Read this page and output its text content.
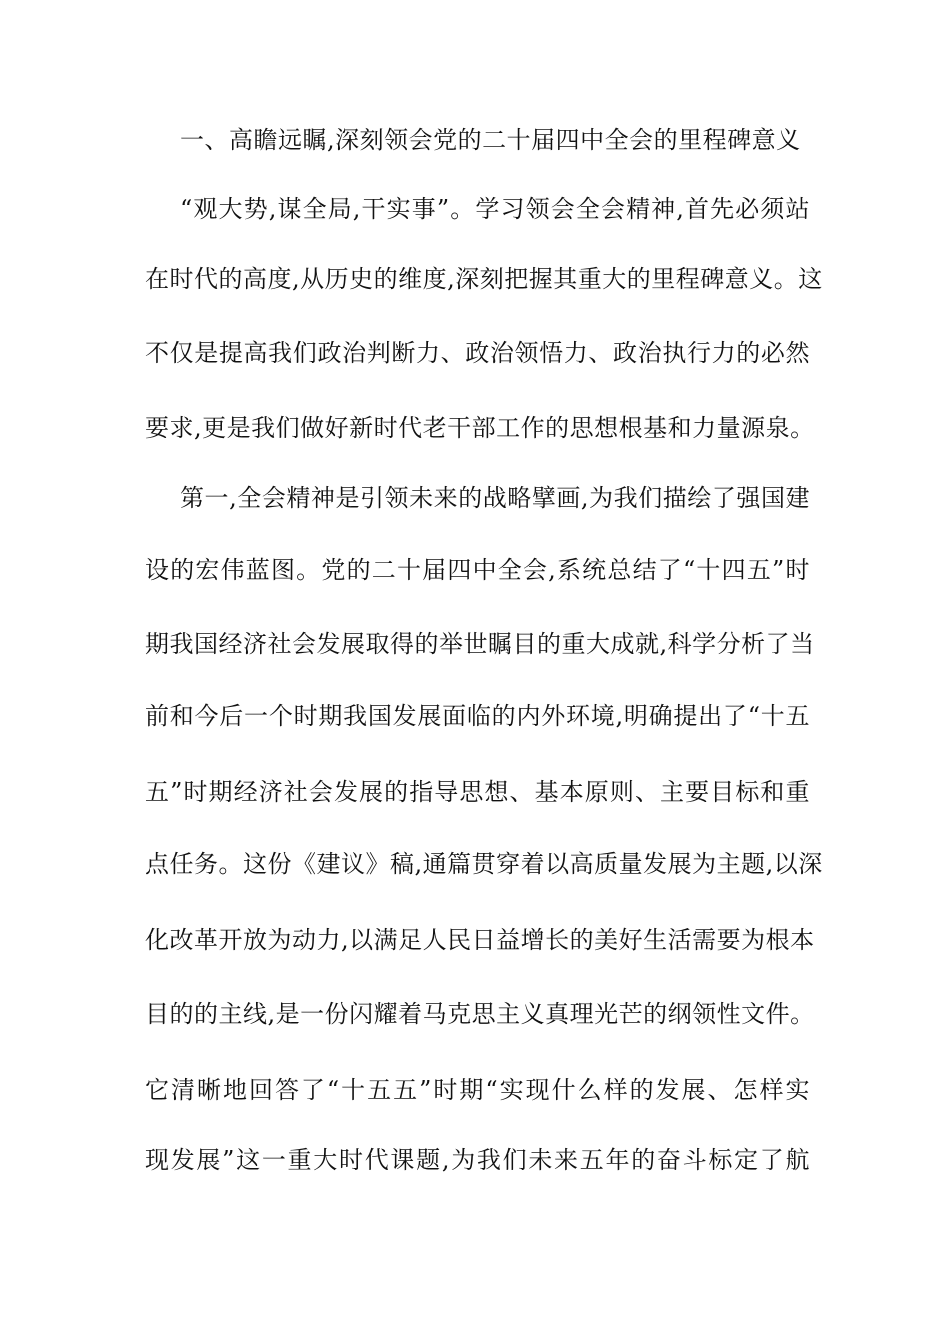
一、高瞻远瞩,深刻领会党的二十届四中全会的里程碑意义
“观大势,谋全局,干实事”。学习领会全会精神,首先必须站
在时代的高度,从历史的维度,深刻把握其重大的里程碑意义。这
不仅是提高我们政治判断力、政治领悟力、政治执行力的必然
要求,更是我们做好新时代老干部工作的思想根基和力量源泉。
第一,全会精神是引领未来的战略擘画,为我们描绘了强国建
设的宏伟蓝图。党的二十届四中全会,系统总结了“十四五”时
期我国经济社会发展取得的举世瞩目的重大成就,科学分析了当
前和今后一个时期我国发展面临的内外环境,明确提出了“十五
五”时期经济社会发展的指导思想、基本原则、主要目标和重
点任务。这份《建议》稿,通篇贯穿着以高质量发展为主题,以深
化改革开放为动力,以满足人民日益增长的美好生活需要为根本
目的的主线,是一份闪耀着马克思主义真理光芒的纲领性文件。
它清晰地回答了“十五五”时期“实现什么样的发展、怎样实
现发展”这一重大时代课题,为我们未来五年的奋斗标定了航
